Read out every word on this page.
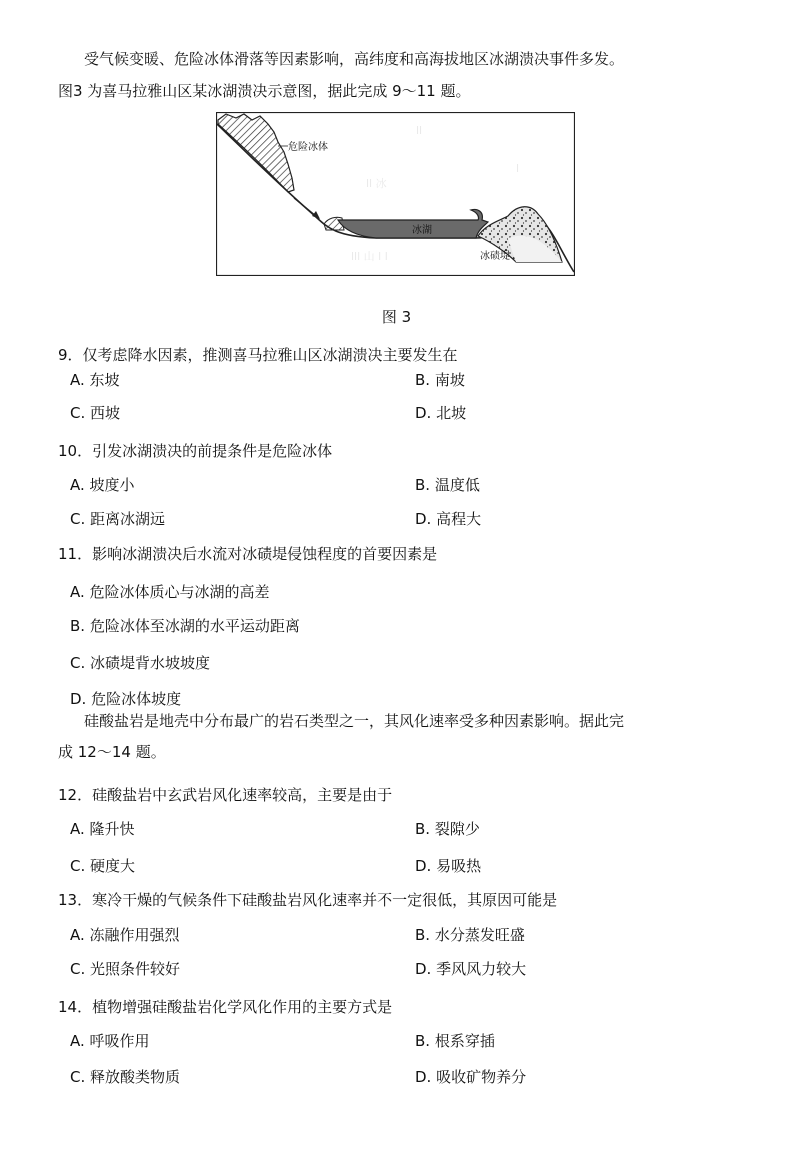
受气候变暖、危险冰体滑落等因素影响，高纬度和高海拔地区冰湖溃决事件多发。
图3 为喜马拉雅山区某冰湖溃决示意图，据此完成 9～11 题。
ll
ll 冰
lll 山 l l
l
危险冰体
冰湖
冰碛堤
图 3
9．仅考虑降水因素，推测喜马拉雅山区冰湖溃决主要发生在
A. 东坡	B. 南坡
C. 西坡	D. 北坡
10．引发冰湖溃决的前提条件是危险冰体
A. 坡度小	B. 温度低
C. 距离冰湖远	D. 高程大
11．影响冰湖溃决后水流对冰碛堤侵蚀程度的首要因素是
A. 危险冰体质心与冰湖的高差
B. 危险冰体至冰湖的水平运动距离
C. 冰碛堤背水坡坡度
D. 危险冰体坡度
硅酸盐岩是地壳中分布最广的岩石类型之一，其风化速率受多种因素影响。据此完
成 12～14 题。
12．硅酸盐岩中玄武岩风化速率较高，主要是由于
A. 隆升快	B. 裂隙少
C. 硬度大	D. 易吸热
13．寒冷干燥的气候条件下硅酸盐岩风化速率并不一定很低，其原因可能是
A. 冻融作用强烈	B. 水分蒸发旺盛
C. 光照条件较好	D. 季风风力较大
14．植物增强硅酸盐岩化学风化作用的主要方式是
A. 呼吸作用	B. 根系穿插
C. 释放酸类物质	D. 吸收矿物养分
